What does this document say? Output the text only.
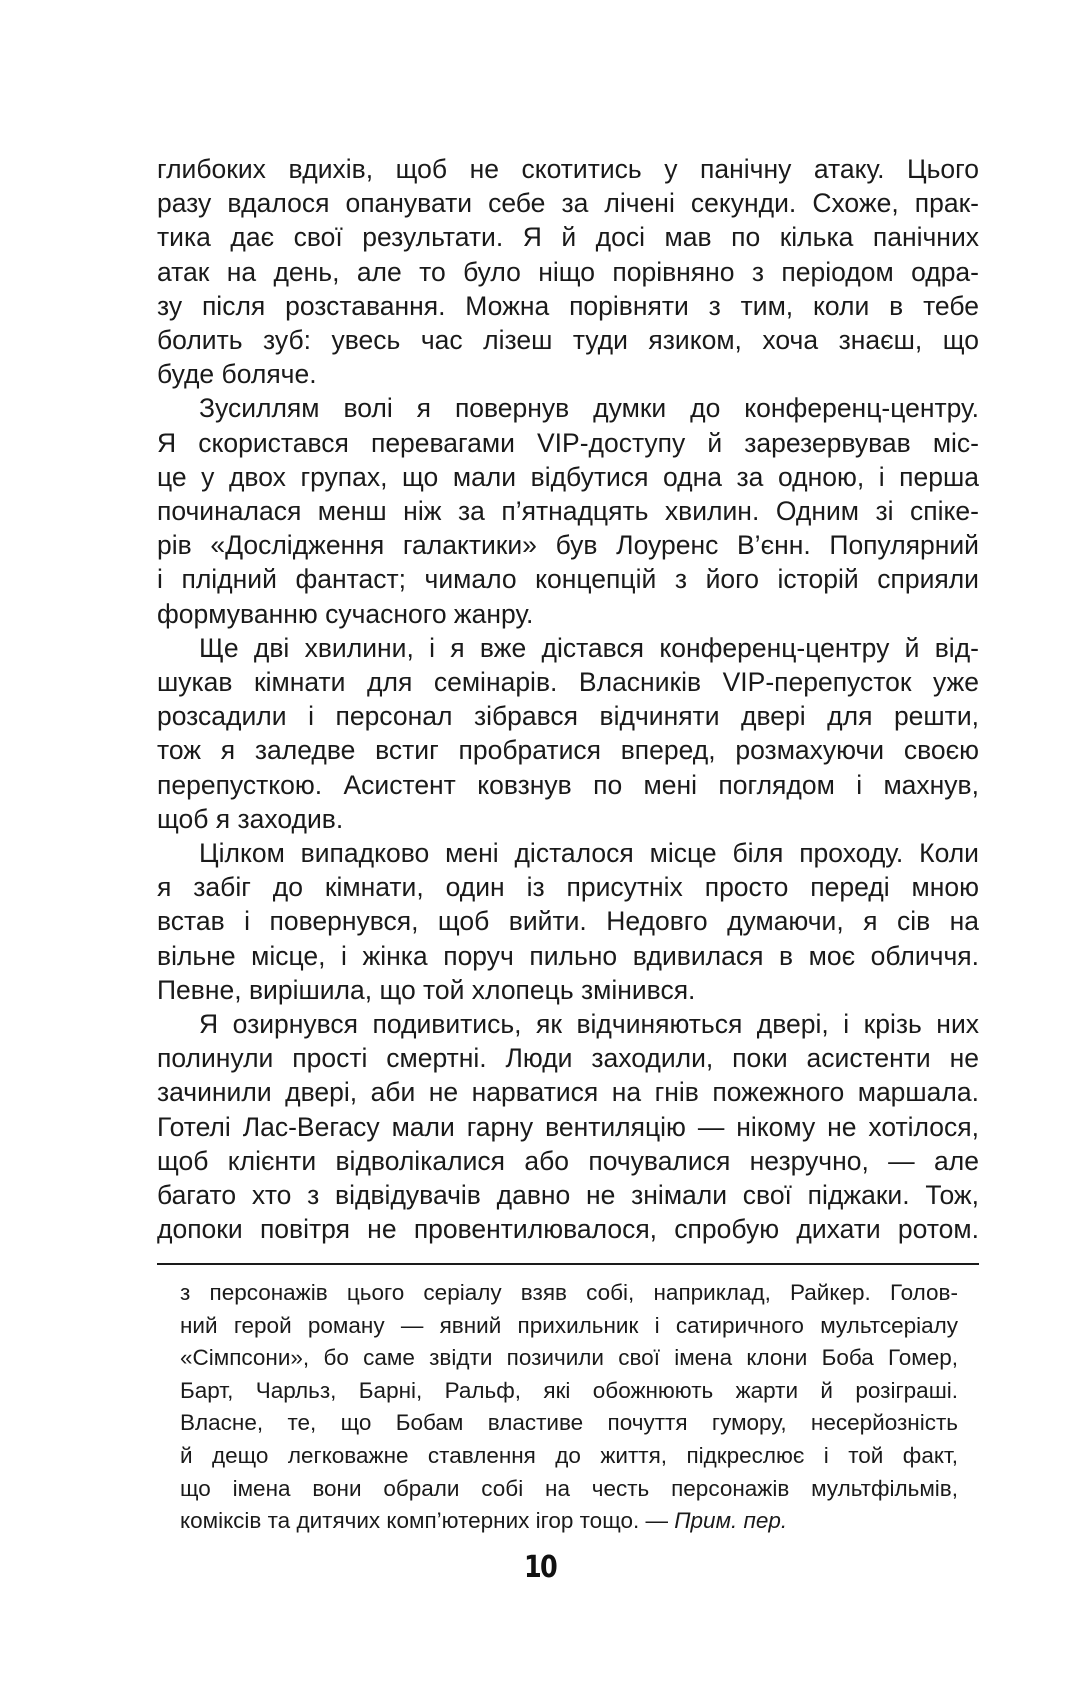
глибоких вдихів, щоб не скотитись у панічну атаку. Цього
разу вдалося опанувати себе за лічені секунди. Схоже, прак-
тика дає свої результати. Я й досі мав по кілька панічних
атак на день, але то було ніщо порівняно з періодом одра-
зу після розставання. Можна порівняти з тим, коли в тебе
болить зуб: увесь час лізеш туди язиком, хоча знаєш, що
буде боляче.
Зусиллям волі я повернув думки до конференц-центру.
Я скористався перевагами VIP-доступу й зарезервував міс-
це у двох групах, що мали відбутися одна за одною, і перша
починалася менш ніж за п’ятнадцять хвилин. Одним зі спіке-
рів «Дослідження галактики» був Лоуренс В’єнн. Популярний
і плідний фантаст; чимало концепцій з його історій сприяли
формуванню сучасного жанру.
Ще дві хвилини, і я вже дістався конференц-центру й від-
шукав кімнати для семінарів. Власників VIP-перепусток уже
розсадили і персонал зібрався відчиняти двері для решти,
тож я заледве встиг пробратися вперед, розмахуючи своєю
перепусткою. Асистент ковзнув по мені поглядом і махнув,
щоб я заходив.
Цілком випадково мені дісталося місце біля проходу. Коли
я забіг до кімнати, один із присутніх просто переді мною
встав і повернувся, щоб вийти. Недовго думаючи, я сів на
вільне місце, і жінка поруч пильно вдивилася в моє обличчя.
Певне, вирішила, що той хлопець змінився.
Я озирнувся подивитись, як відчиняються двері, і крізь них
полинули прості смертні. Люди заходили, поки асистенти не
зачинили двері, аби не нарватися на гнів пожежного маршала.
Готелі Лас-Вегасу мали гарну вентиляцію — нікому не хотілося,
щоб клієнти відволікалися або почувалися незручно, — але
багато хто з відвідувачів давно не знімали свої піджаки. Тож,
допоки повітря не провентилювалося, спробую дихати ротом.
з персонажів цього серіалу взяв собі, наприклад, Райкер. Голов-
ний герой роману — явний прихильник і сатиричного мультсеріалу
«Сімпсони», бо саме звідти позичили свої імена клони Боба Гомер,
Барт, Чарльз, Барні, Ральф, які обожнюють жарти й розіграші.
Власне, те, що Бобам властиве почуття гумору, несерйозність
й дещо легковажне ставлення до життя, підкреслює і той факт,
що імена вони обрали собі на честь персонажів мультфільмів,
коміксів та дитячих комп’ютерних ігор тощо. — Прим. пер.
10
